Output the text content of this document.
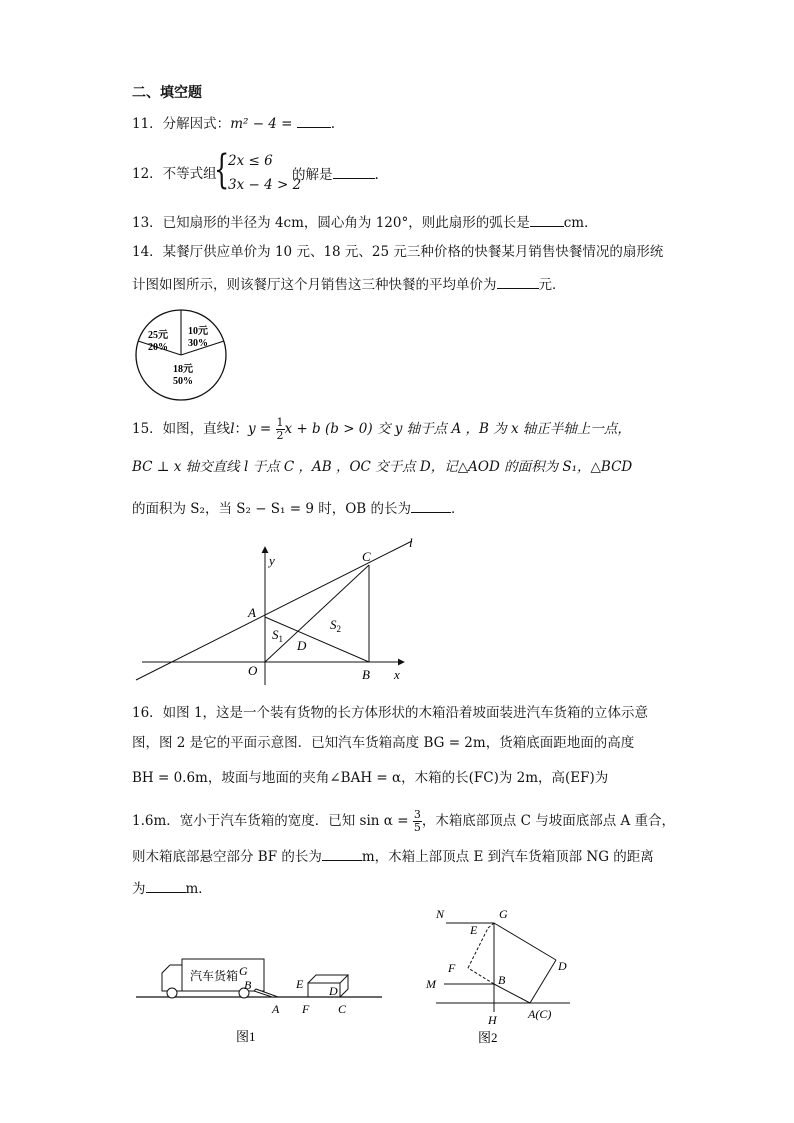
二、填空题
11．分解因式：m² − 4 =	.
12．不等式组
{
2x ≤ 6
3x − 4 > 2
的解是	.
13．已知扇形的半径为 4cm，圆心角为 120°，则此扇形的弧长是	cm．
14．某餐厅供应单价为 10 元、18 元、25 元三种价格的快餐某月销售快餐情况的扇形统
计图如图所示，则该餐厅这个月销售这三种快餐的平均单价为	元．
25元
20%
10元
30%
18元
50%
15．如图，直线l：$y = \frac{1}{2}$ x + b (b > 0) 交 y 轴于点 A ，B 为 x 轴正半轴上一点，
BC ⊥ x 轴交直线 l 于点 C ，AB ，OC 交于点 D，记△AOD 的面积为 S₁，△BCD
的面积为 S₂，当 S₂ − S₁ = 9 时，OB 的长为	．
y
x
l
C
A
O	B
D
$S_1$
$S_2$
16．如图 1，这是一个装有货物的长方体形状的木箱沿着坡面装进汽车货箱的立体示意
图，图 2 是它的平面示意图．已知汽车货箱高度 BG = 2m，货箱底面距地面的高度
BH = 0.6m，坡面与地面的夹角∠BAH = α，木箱的长(FC)为 2m，高(EF)为
1.6m．宽小于汽车货箱的宽度．已知 $\sin \alpha = \frac{3}{5}$ ，木箱底部顶点 C 与坡面底部点 A 重合，
则木箱底部悬空部分 BF 的长为	m，木箱上部顶点 E 到汽车货箱顶部 NG 的距离
为	m．
汽车货箱 G
B
A
E D
F C
图1
N	G
E
F
M	B
D
H	A(C)
图2
